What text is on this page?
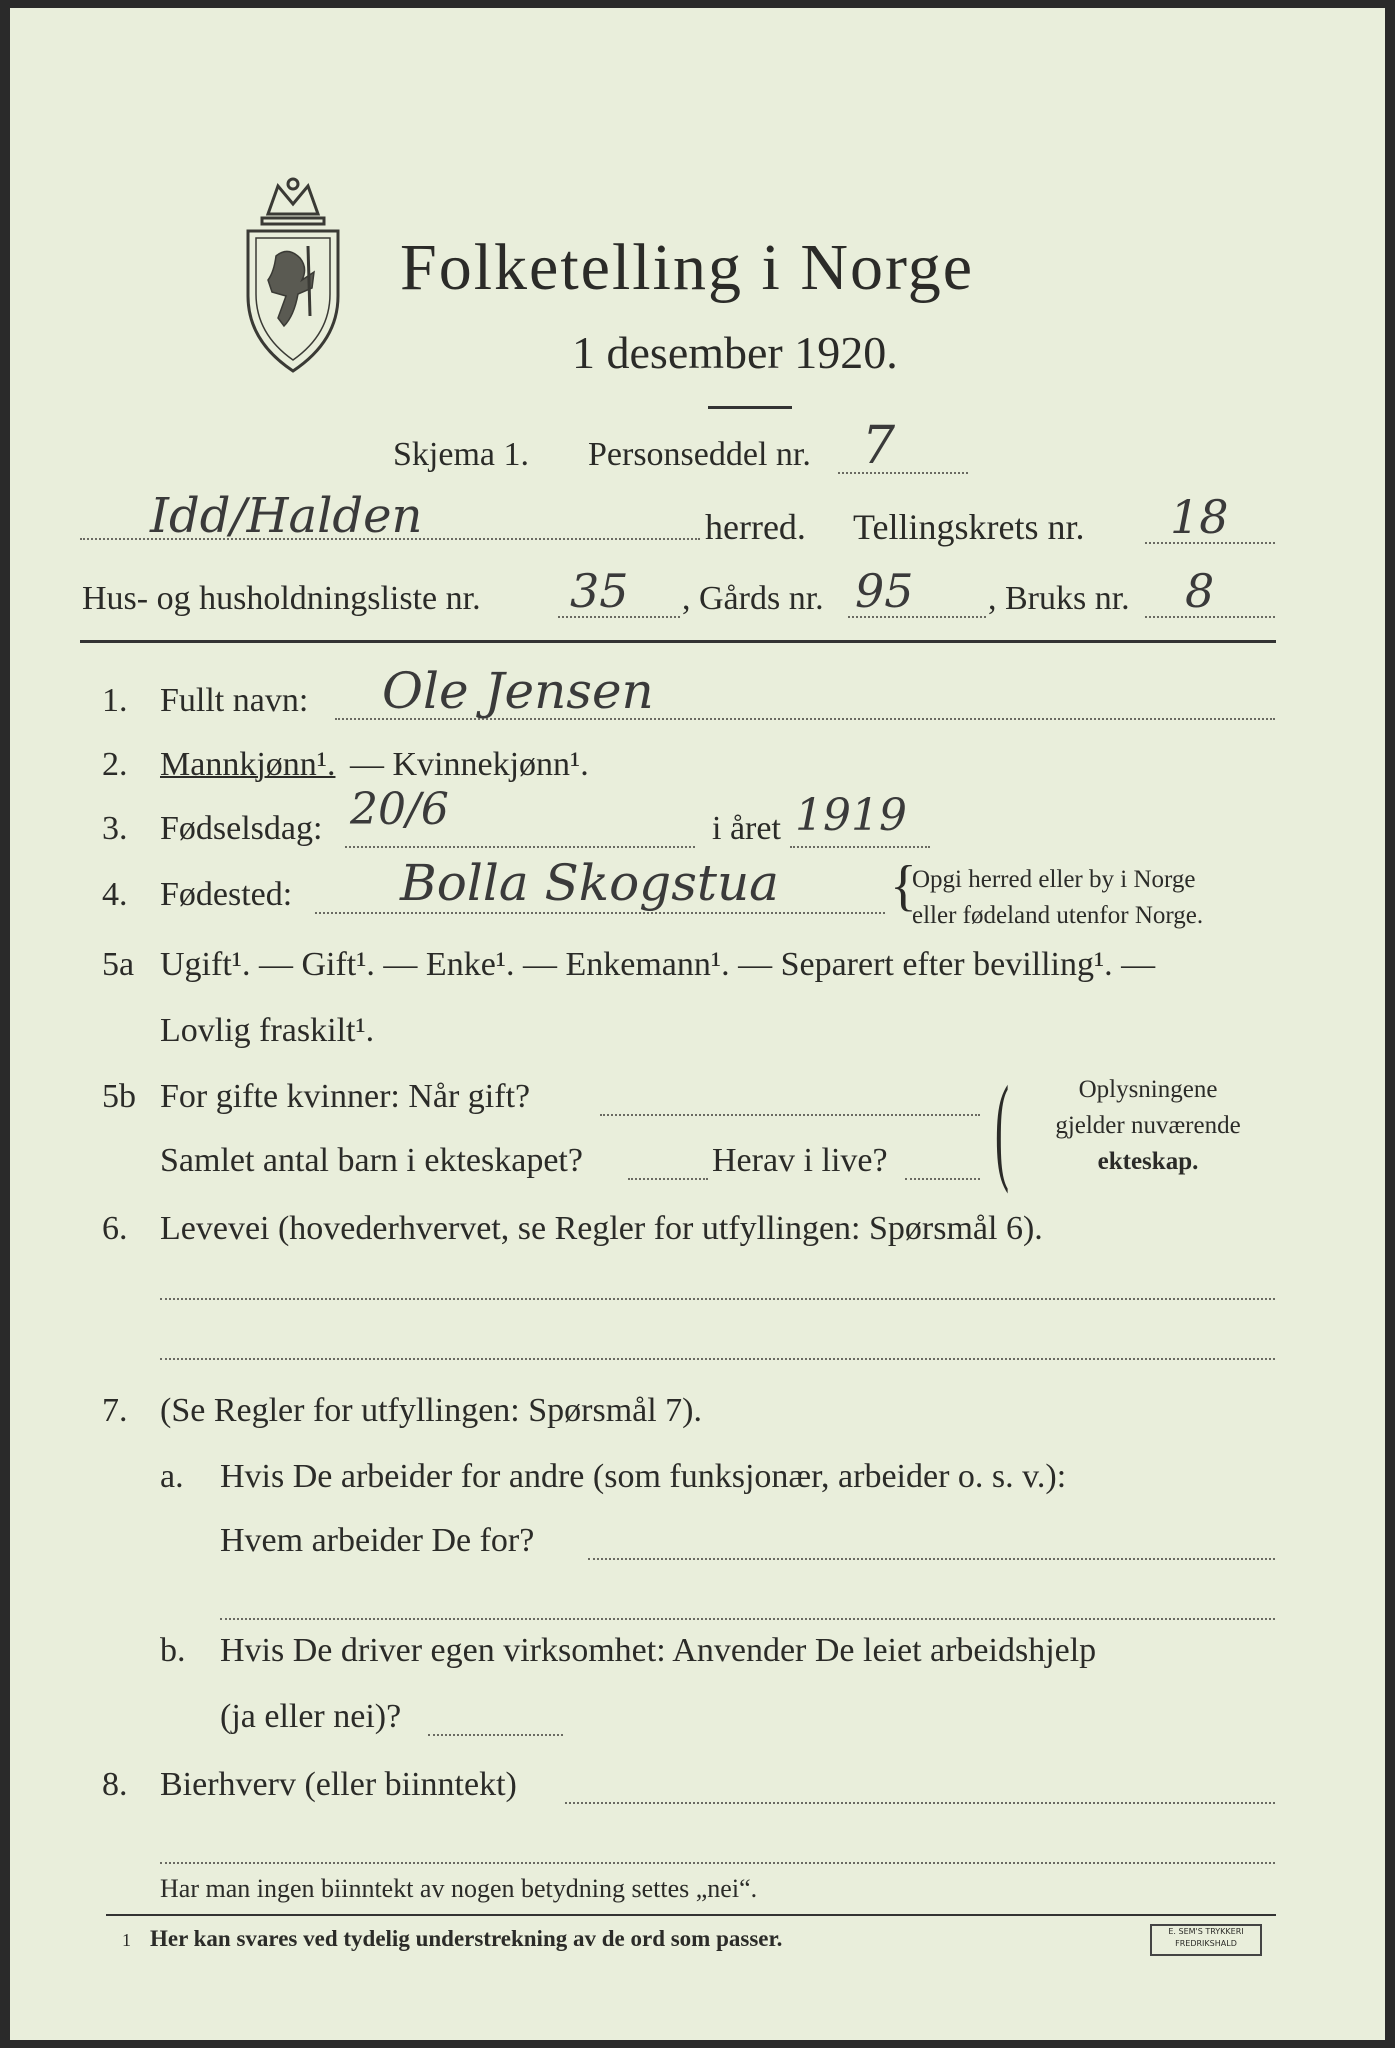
Folketelling i Norge
1 desember 1920.
Skjema 1. Personseddel nr. 7
Idd/Halden	herred. Tellingskrets nr. 18
Hus- og husholdningsliste nr. 35 , Gårds nr. 95 , Bruks nr. 8
1. Fullt navn: Ole Jensen
2. Mannkjønn¹. — Kvinnekjønn¹.
3. Fødselsdag: 20/6	i året 1919
4. Fødested: Bolla Skogstua {
Opgi herred eller by i Norge
eller fødeland utenfor Norge.
5a Ugift¹. — Gift¹. — Enke¹. — Enkemann¹. — Separert efter bevilling¹. —
Lovlig fraskilt¹.
5b For gifte kvinner: Når gift?
Samlet antal barn i ekteskapet?	Herav i live? (	Oplysningene
gjelder nuværende
ekteskap.
6. Levevei (hovederhvervet, se Regler for utfyllingen: Spørsmål 6).
7. (Se Regler for utfyllingen: Spørsmål 7).
a. Hvis De arbeider for andre (som funksjonær, arbeider o. s. v.):
Hvem arbeider De for?
b. Hvis De driver egen virksomhet: Anvender De leiet arbeidshjelp
(ja eller nei)?
8. Bierhverv (eller biinntekt)
Har man ingen biinntekt av nogen betydning settes „nei“.
1 Her kan svares ved tydelig understrekning av de ord som passer.	E. SEM'S TRYKKERI
FREDRIKSHALD
